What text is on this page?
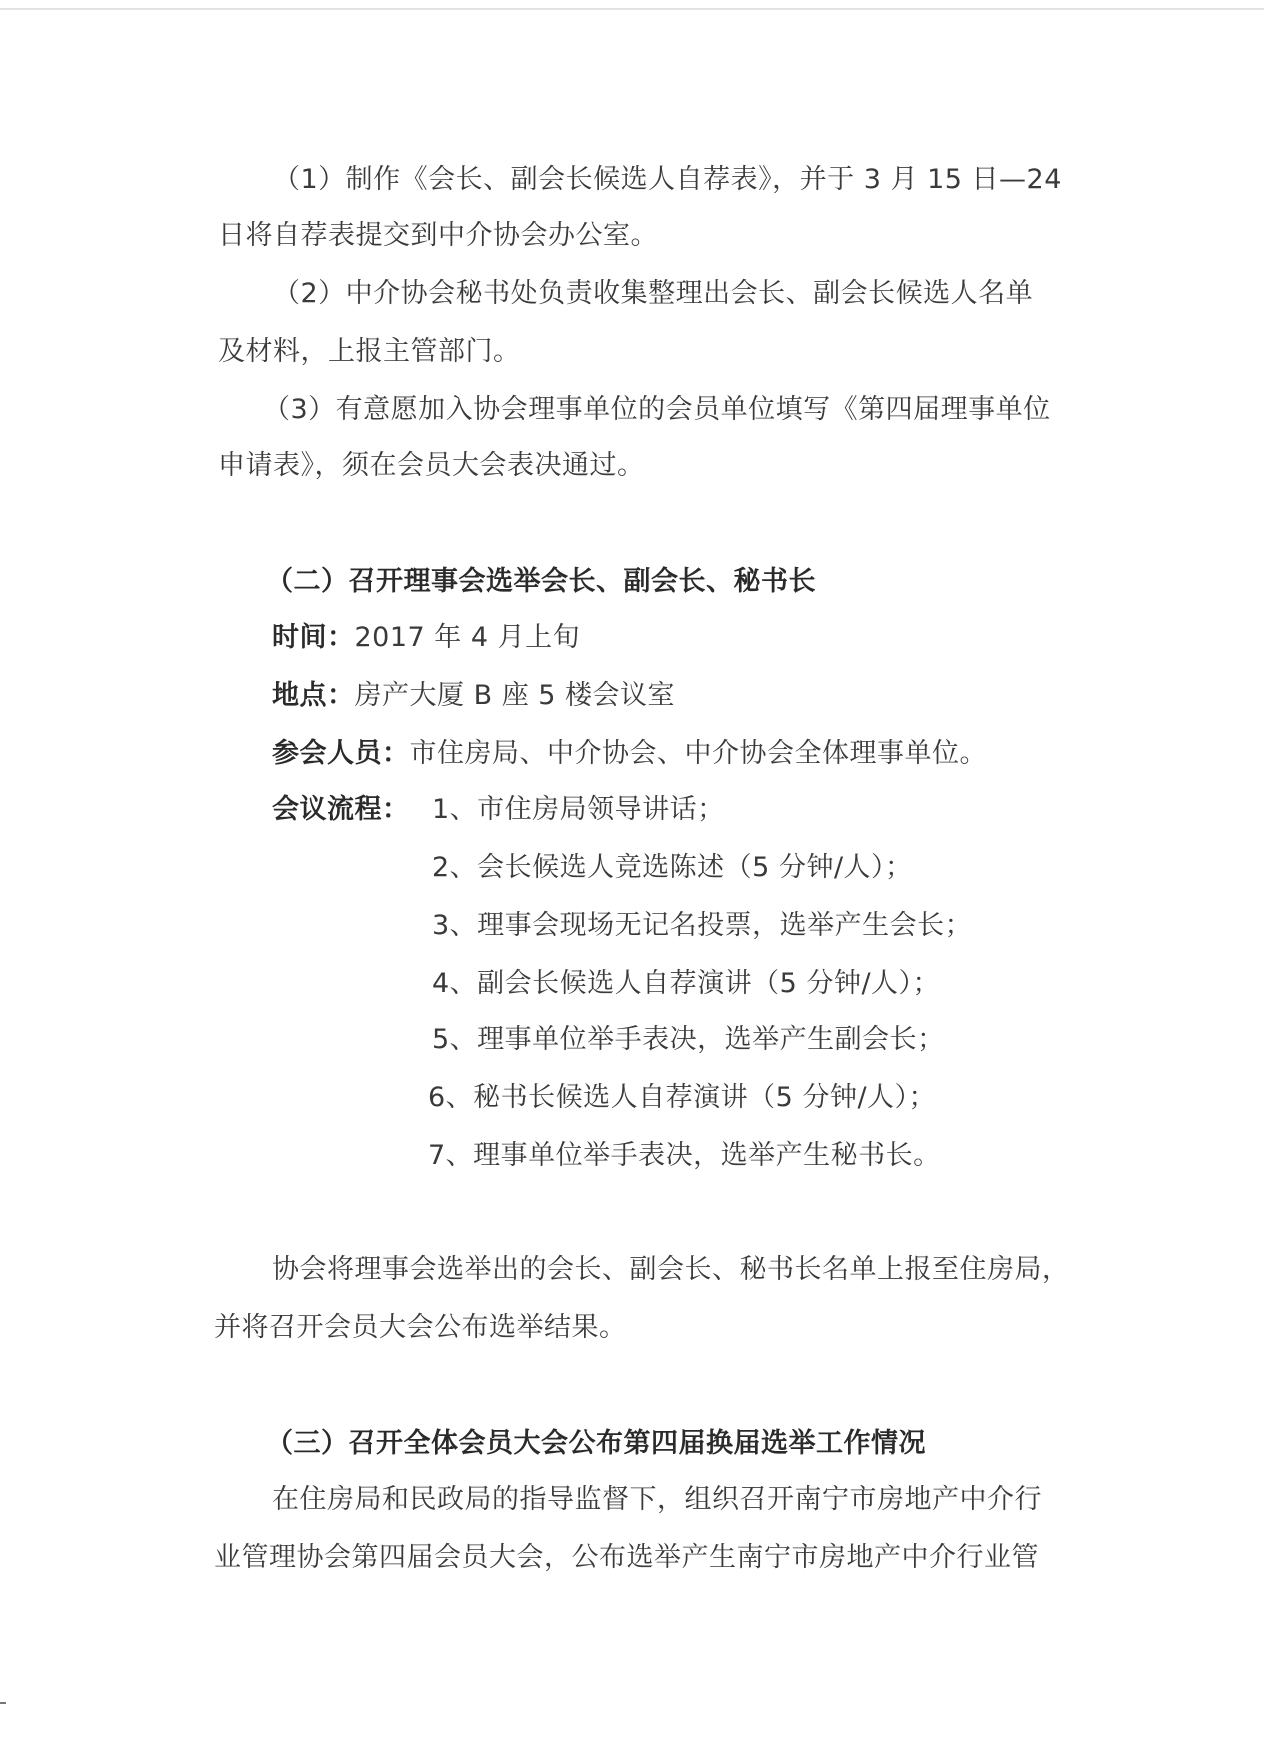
（1）制作《会长、副会长候选人自荐表》，并于 3 月 15 日—24
日将自荐表提交到中介协会办公室。
（2）中介协会秘书处负责收集整理出会长、副会长候选人名单
及材料，上报主管部门。
（3）有意愿加入协会理事单位的会员单位填写《第四届理事单位
申请表》，须在会员大会表决通过。
（二）召开理事会选举会长、副会长、秘书长
时间：2017 年 4 月上旬
地点：房产大厦 B 座 5 楼会议室
参会人员：市住房局、中介协会、中介协会全体理事单位。
会议流程： 1、市住房局领导讲话；
2、会长候选人竞选陈述（5 分钟/人）；
3、理事会现场无记名投票，选举产生会长；
4、副会长候选人自荐演讲（5 分钟/人）；
5、理事单位举手表决，选举产生副会长；
6、秘书长候选人自荐演讲（5 分钟/人）；
7、理事单位举手表决，选举产生秘书长。
协会将理事会选举出的会长、副会长、秘书长名单上报至住房局，
并将召开会员大会公布选举结果。
（三）召开全体会员大会公布第四届换届选举工作情况
在住房局和民政局的指导监督下，组织召开南宁市房地产中介行
业管理协会第四届会员大会，公布选举产生南宁市房地产中介行业管
